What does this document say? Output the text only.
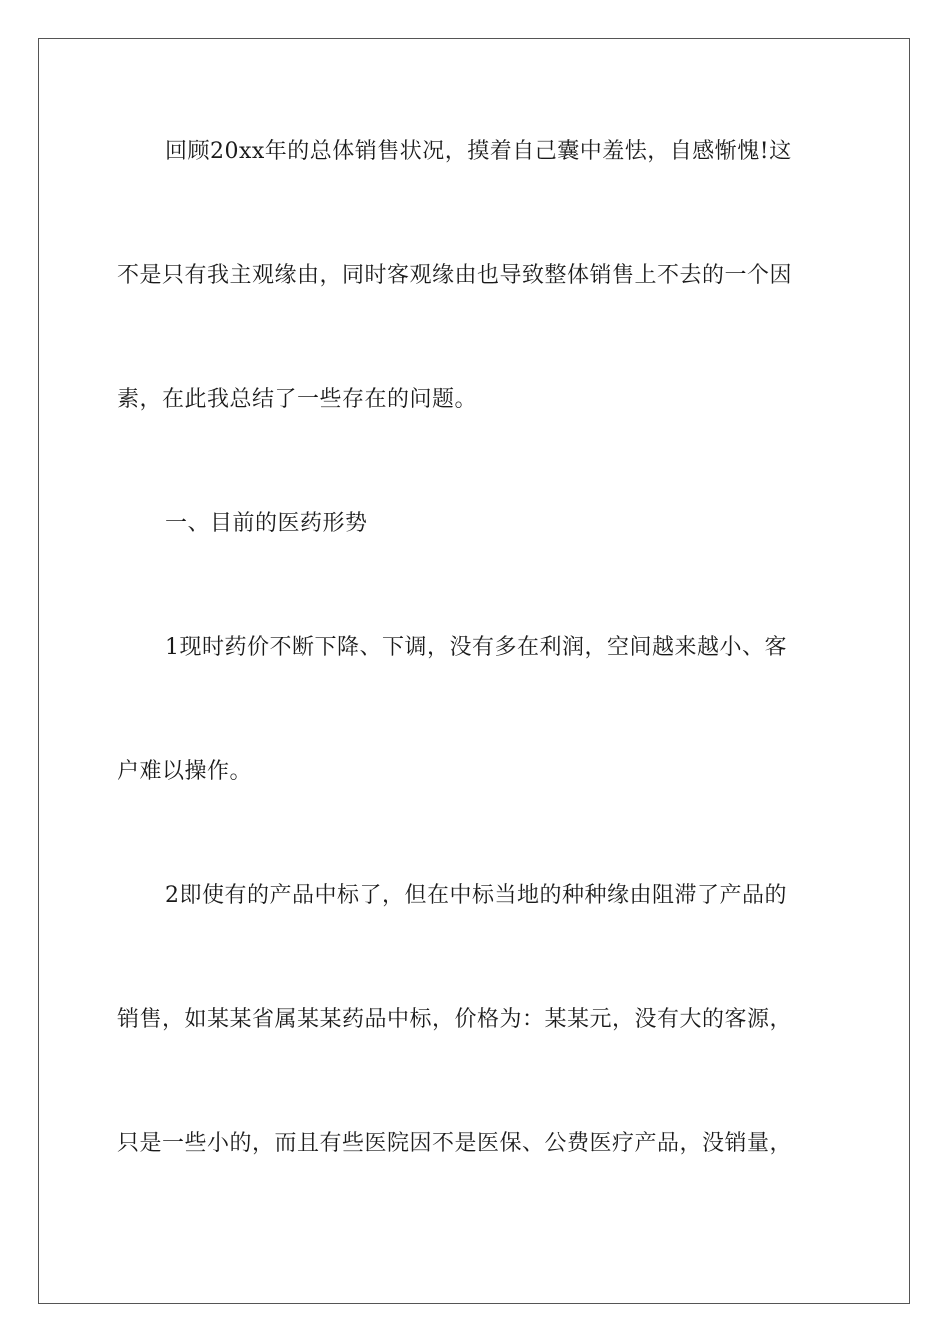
回顾20xx年的总体销售状况，摸着自己囊中羞怯，自感惭愧!这
不是只有我主观缘由，同时客观缘由也导致整体销售上不去的一个因
素，在此我总结了一些存在的问题。
一、目前的医药形势
1现时药价不断下降、下调，没有多在利润，空间越来越小、客
户难以操作。
2即使有的产品中标了，但在中标当地的种种缘由阻滞了产品的
销售，如某某省属某某药品中标，价格为：某某元，没有大的客源，
只是一些小的，而且有些医院因不是医保、公费医疗产品，没销量，
